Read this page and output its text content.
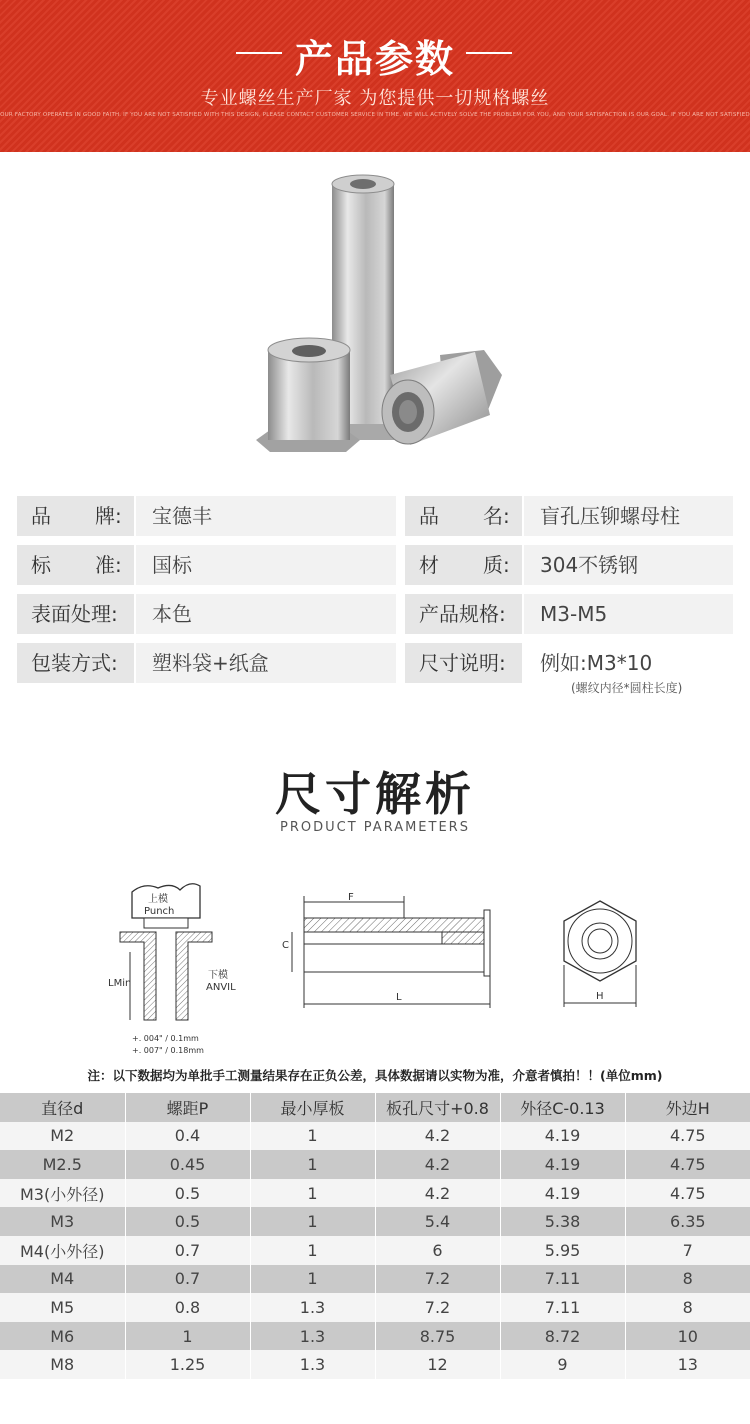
产品参数
专业螺丝生产厂家 为您提供一切规格螺丝
OUR FACTORY OPERATES IN GOOD FAITH. IF YOU ARE NOT SATISFIED WITH THIS DESIGN, PLEASE CONTACT CUSTOMER SERVICE IN TIME. WE WILL ACTIVELY SOLVE THE PROBLEM FOR YOU, AND YOUR SATISFACTION IS OUR GOAL. IF YOU ARE NOT SATISFIED
品 牌:	宝德丰
标 准:	国标
表面处理:	本色
包装方式:	塑料袋+纸盒
品 名:	盲孔压铆螺母柱
材 质:	304不锈钢
产品规格:	M3-M5
尺寸说明:	例如:M3*10
(螺纹内径*圆柱长度)
尺寸解析
PRODUCT PARAMETERS
上模
Punch
LMin
下模
ANVIL
+. 004" / 0.1mm
+. 007" / 0.18mm
F
C
L	H
注：以下数据均为单批手工测量结果存在正负公差，具体数据请以实物为准，介意者慎拍！！(单位mm)
直径d	螺距P	最小厚板	板孔尺寸+0.8	外径C-0.13	外边H
M2	0.4	1	4.2	4.19	4.75
M2.5	0.45	1	4.2	4.19	4.75
M3(小外径)	0.5	1	4.2	4.19	4.75
M3	0.5	1	5.4	5.38	6.35
M4(小外径)	0.7	1	6	5.95	7
M4	0.7	1	7.2	7.11	8
M5	0.8	1.3	7.2	7.11	8
M6	1	1.3	8.75	8.72	10
M8	1.25	1.3	12	9	13
